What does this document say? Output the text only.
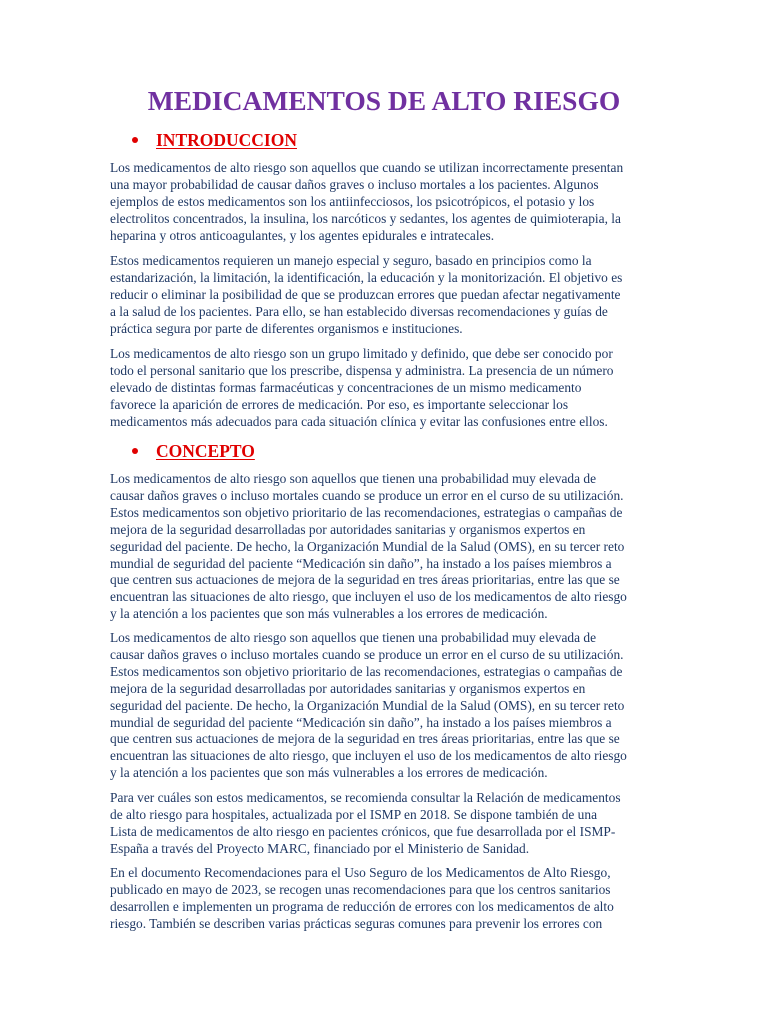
MEDICAMENTOS DE ALTO RIESGO
INTRODUCCION
Los medicamentos de alto riesgo son aquellos que cuando se utilizan incorrectamente presentan
una mayor probabilidad de causar daños graves o incluso mortales a los pacientes. Algunos
ejemplos de estos medicamentos son los antiinfecciosos, los psicotrópicos, el potasio y los
electrolitos concentrados, la insulina, los narcóticos y sedantes, los agentes de quimioterapia, la
heparina y otros anticoagulantes, y los agentes epidurales e intratecales.
Estos medicamentos requieren un manejo especial y seguro, basado en principios como la
estandarización, la limitación, la identificación, la educación y la monitorización. El objetivo es
reducir o eliminar la posibilidad de que se produzcan errores que puedan afectar negativamente
a la salud de los pacientes. Para ello, se han establecido diversas recomendaciones y guías de
práctica segura por parte de diferentes organismos e instituciones.
Los medicamentos de alto riesgo son un grupo limitado y definido, que debe ser conocido por
todo el personal sanitario que los prescribe, dispensa y administra. La presencia de un número
elevado de distintas formas farmacéuticas y concentraciones de un mismo medicamento
favorece la aparición de errores de medicación. Por eso, es importante seleccionar los
medicamentos más adecuados para cada situación clínica y evitar las confusiones entre ellos.
CONCEPTO
Los medicamentos de alto riesgo son aquellos que tienen una probabilidad muy elevada de
causar daños graves o incluso mortales cuando se produce un error en el curso de su utilización.
Estos medicamentos son objetivo prioritario de las recomendaciones, estrategias o campañas de
mejora de la seguridad desarrolladas por autoridades sanitarias y organismos expertos en
seguridad del paciente. De hecho, la Organización Mundial de la Salud (OMS), en su tercer reto
mundial de seguridad del paciente “Medicación sin daño”, ha instado a los países miembros a
que centren sus actuaciones de mejora de la seguridad en tres áreas prioritarias, entre las que se
encuentran las situaciones de alto riesgo, que incluyen el uso de los medicamentos de alto riesgo
y la atención a los pacientes que son más vulnerables a los errores de medicación.
Los medicamentos de alto riesgo son aquellos que tienen una probabilidad muy elevada de
causar daños graves o incluso mortales cuando se produce un error en el curso de su utilización.
Estos medicamentos son objetivo prioritario de las recomendaciones, estrategias o campañas de
mejora de la seguridad desarrolladas por autoridades sanitarias y organismos expertos en
seguridad del paciente. De hecho, la Organización Mundial de la Salud (OMS), en su tercer reto
mundial de seguridad del paciente “Medicación sin daño”, ha instado a los países miembros a
que centren sus actuaciones de mejora de la seguridad en tres áreas prioritarias, entre las que se
encuentran las situaciones de alto riesgo, que incluyen el uso de los medicamentos de alto riesgo
y la atención a los pacientes que son más vulnerables a los errores de medicación.
Para ver cuáles son estos medicamentos, se recomienda consultar la Relación de medicamentos
de alto riesgo para hospitales, actualizada por el ISMP en 2018. Se dispone también de una
Lista de medicamentos de alto riesgo en pacientes crónicos, que fue desarrollada por el ISMP-
España a través del Proyecto MARC, financiado por el Ministerio de Sanidad.
En el documento Recomendaciones para el Uso Seguro de los Medicamentos de Alto Riesgo,
publicado en mayo de 2023, se recogen unas recomendaciones para que los centros sanitarios
desarrollen e implementen un programa de reducción de errores con los medicamentos de alto
riesgo. También se describen varias prácticas seguras comunes para prevenir los errores con
